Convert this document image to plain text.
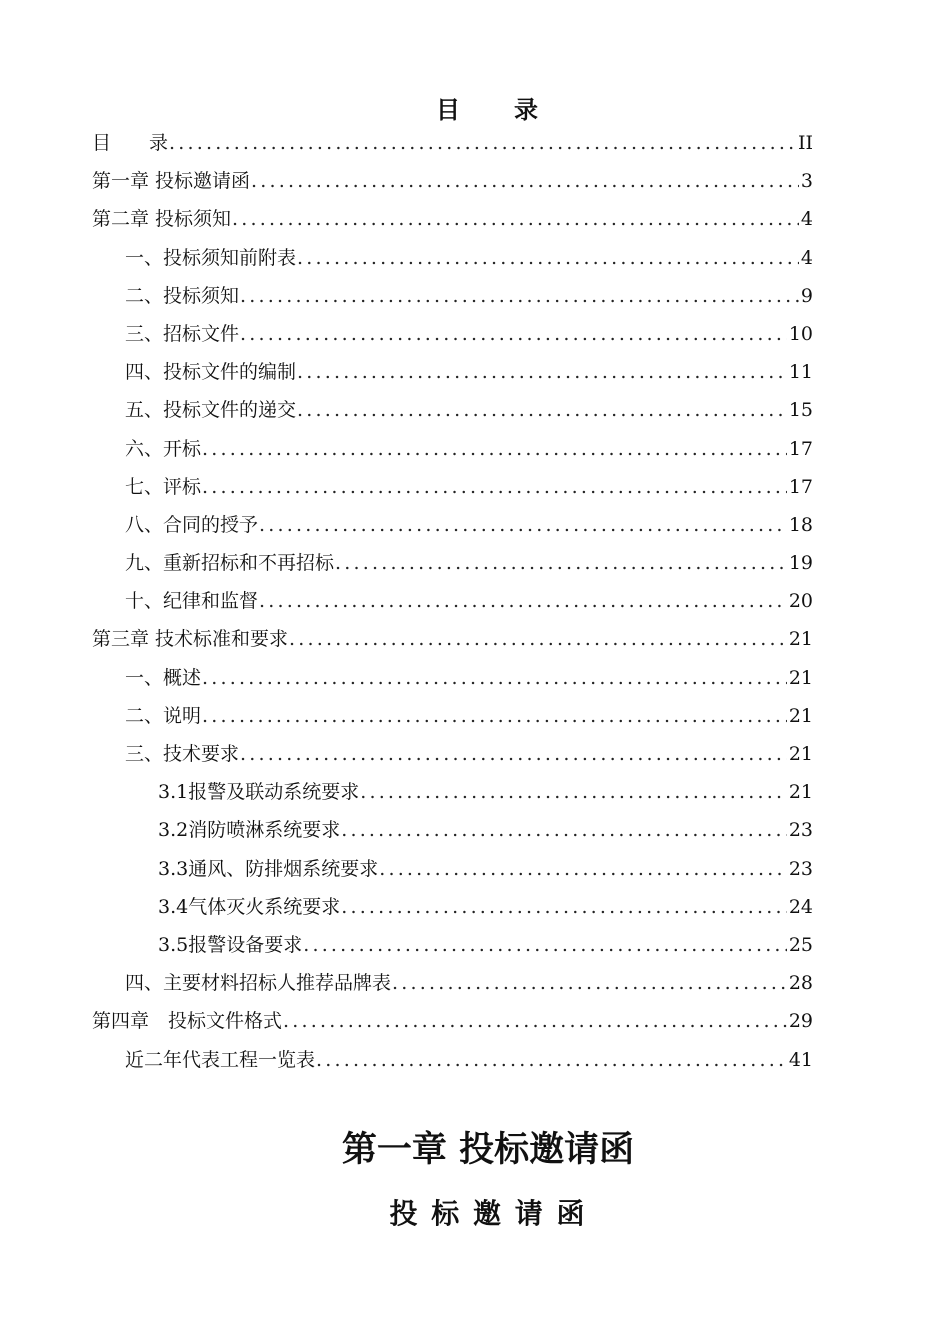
目　　录
目　　录 .....	II
第一章 投标邀请函 .....	3
第二章 投标须知 .....	4
一、投标须知前附表 .....	4
二、投标须知 .....	9
三、招标文件 .....	10
四、投标文件的编制 .....	11
五、投标文件的递交 .....	15
六、开标 .....	17
七、评标 .....	17
八、合同的授予 .....	18
九、重新招标和不再招标 .....	19
十、纪律和监督 .....	20
第三章 技术标准和要求 .....	21
一、概述 .....	21
二、说明 .....	21
三、技术要求 .....	21
3.1报警及联动系统要求 .....	21
3.2消防喷淋系统要求 .....	23
3.3通风、防排烟系统要求 .....	23
3.4气体灭火系统要求 .....	24
3.5报警设备要求 .....	25
四、主要材料招标人推荐品牌表 .....	28
第四章　投标文件格式 .....	29
近二年代表工程一览表 .....	41
第一章 投标邀请函
投 标 邀 请 函
